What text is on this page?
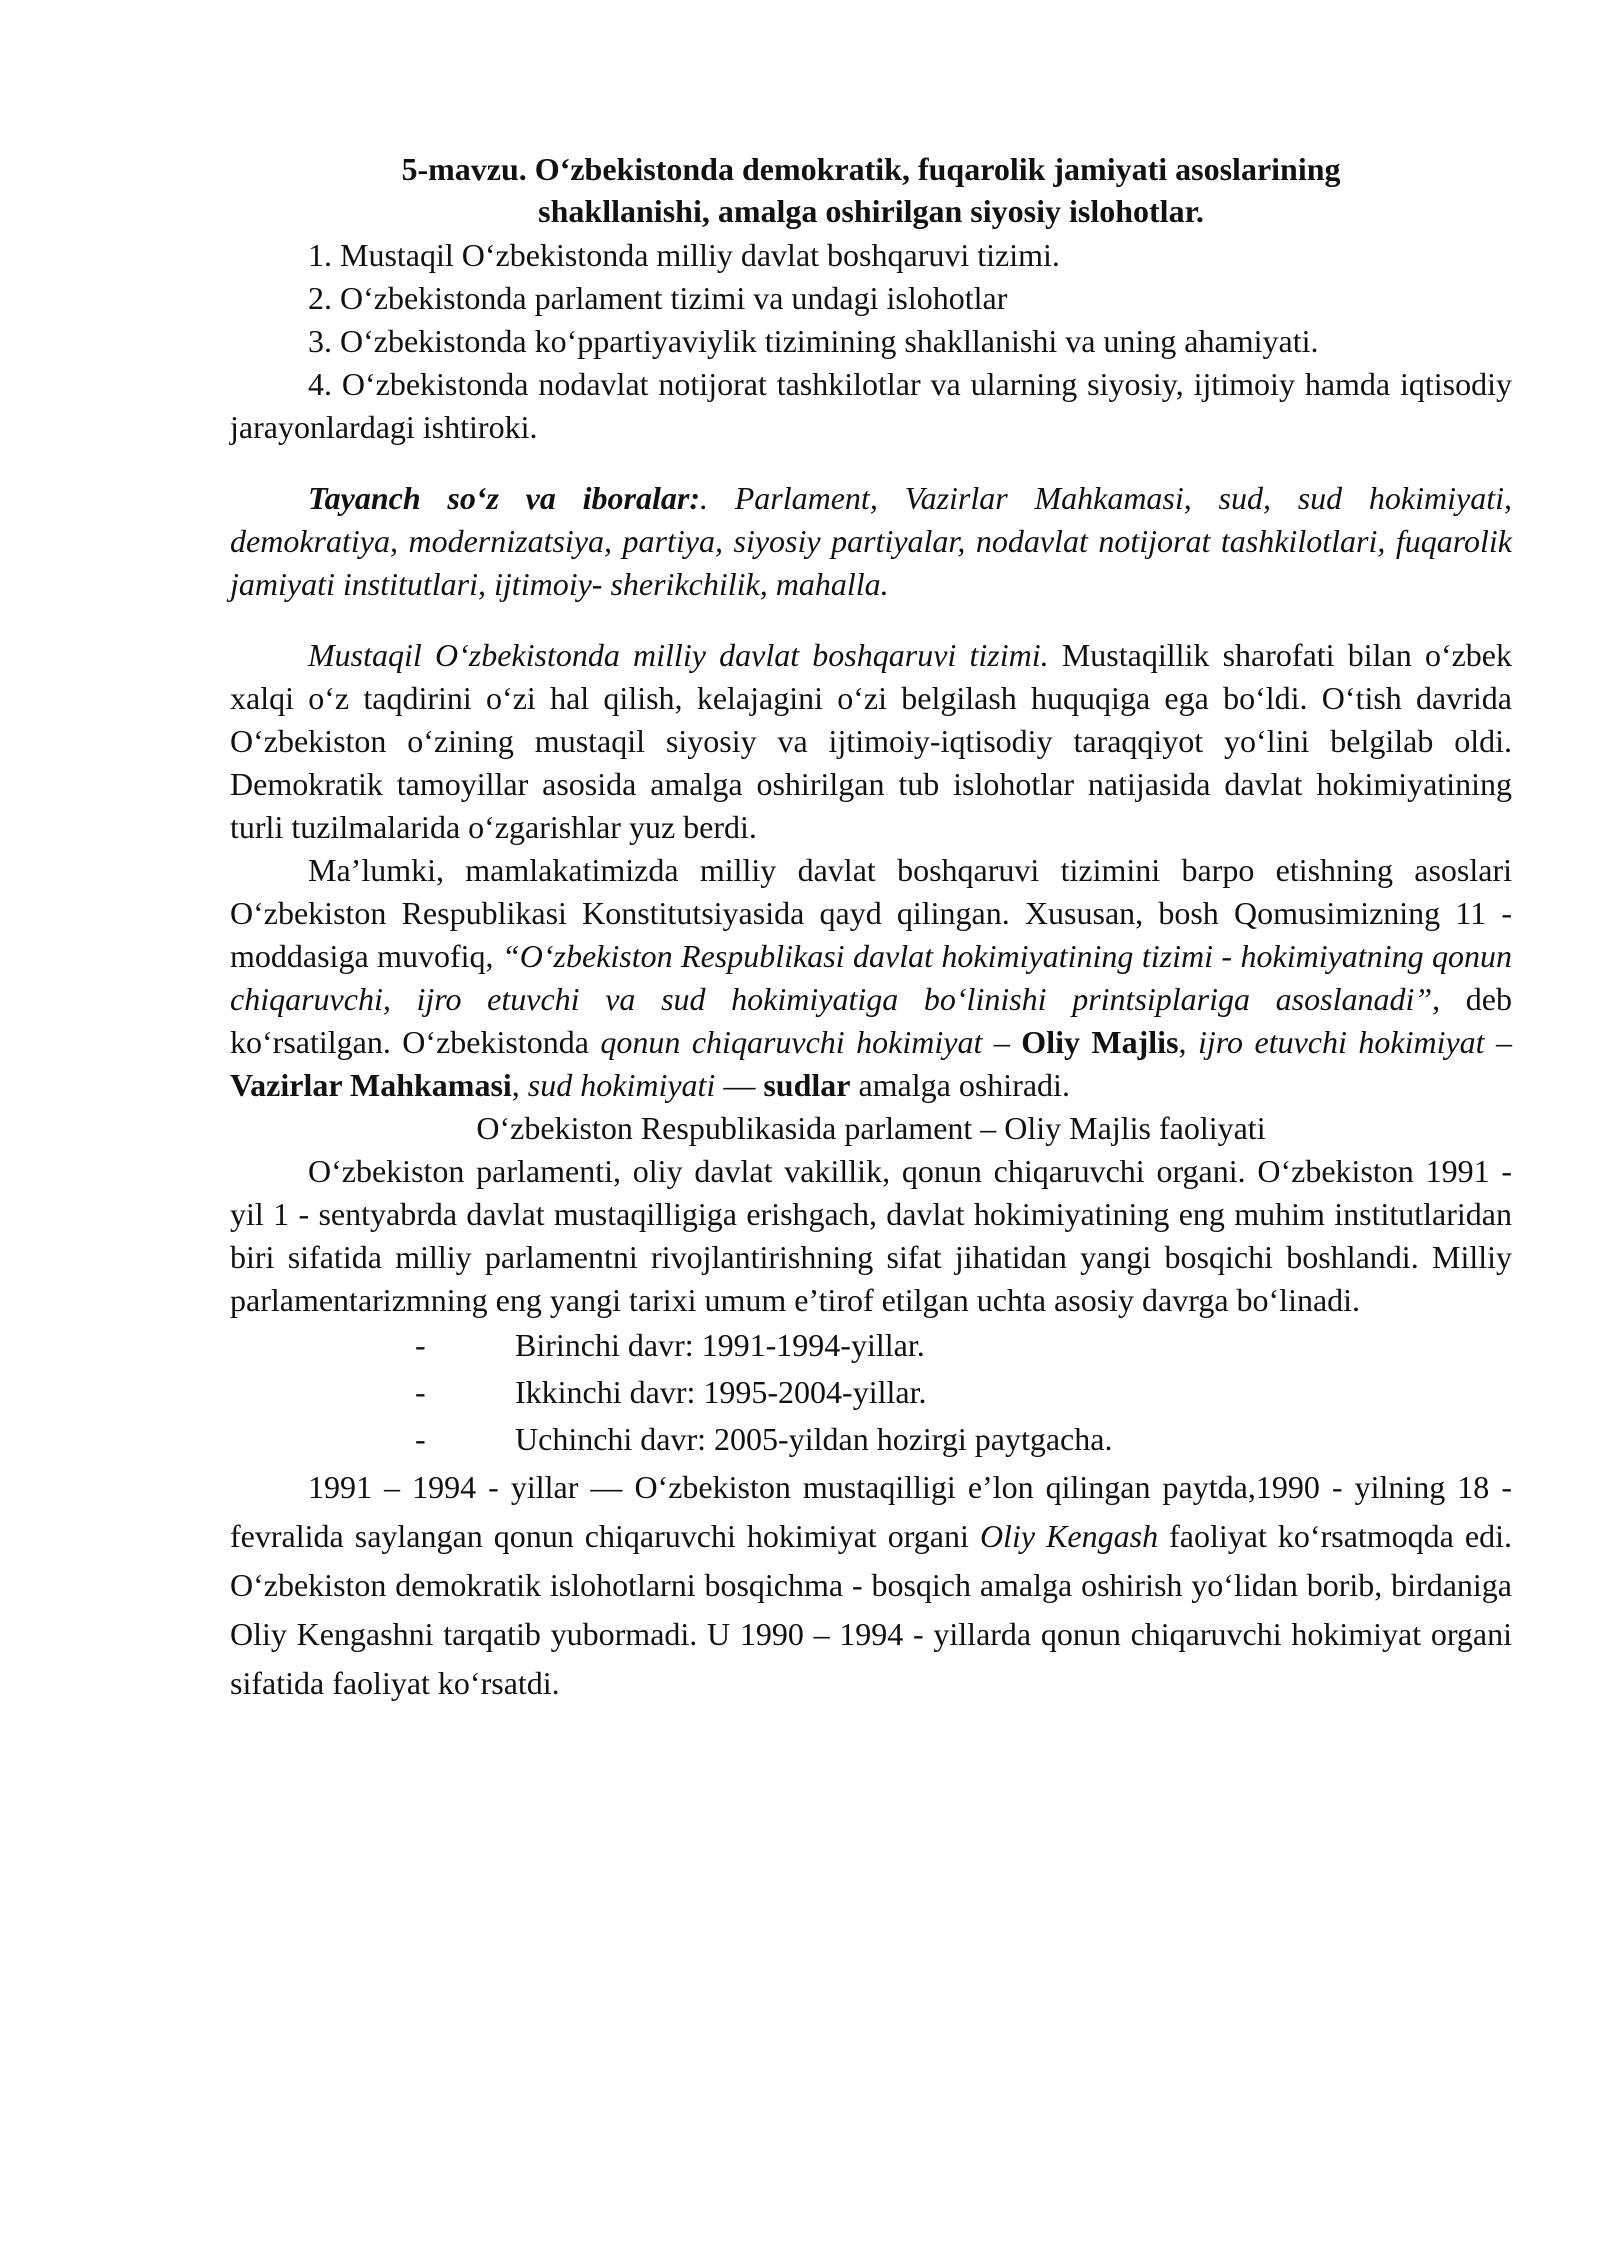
5-mavzu. O‘zbekistonda demokratik, fuqarolik jamiyati asoslarining
shakllanishi, amalga oshirilgan siyosiy islohotlar.

1. Mustaqil O‘zbekistonda milliy davlat boshqaruvi tizimi.

2. O‘zbekistonda parlament tizimi va undagi islohotlar

3. O‘zbekistonda ko‘ppartiyaviylik tizimining shakllanishi va uning ahamiyati.

4. O‘zbekistonda nodavlat notijorat tashkilotlar va ularning siyosiy, ijtimoiy hamda iqtisodiy jarayonlardagi ishtiroki.

Tayanch so‘z va iboralar:. Parlament, Vazirlar Mahkamasi, sud, sud hokimiyati, demokratiya, modernizatsiya, partiya, siyosiy partiyalar, nodavlat notijorat tashkilotlari, fuqarolik jamiyati institutlari, ijtimoiy- sherikchilik, mahalla.

Mustaqil O‘zbekistonda milliy davlat boshqaruvi tizimi. Mustaqillik sharofati bilan o‘zbek xalqi o‘z taqdirini o‘zi hal qilish, kelajagini o‘zi belgilash huquqiga ega bo‘ldi. O‘tish davrida O‘zbekiston o‘zining mustaqil siyosiy va ijtimoiy-iqtisodiy taraqqiyot yo‘lini belgilab oldi. Demokratik tamoyillar asosida amalga oshirilgan tub islohotlar natijasida davlat hokimiyatining turli tuzilmalarida o‘zgarishlar yuz berdi.

Ma’lumki, mamlakatimizda milliy davlat boshqaruvi tizimini barpo etishning asoslari O‘zbekiston Respublikasi Konstitutsiyasida qayd qilingan. Xususan, bosh Qomusimizning 11 - moddasiga muvofiq, “O‘zbekiston Respublikasi davlat hokimiyatining tizimi - hokimiyatning qonun chiqaruvchi, ijro etuvchi va sud hokimiyatiga bo‘linishi printsiplariga asoslanadi”, deb ko‘rsatilgan. O‘zbekistonda qonun chiqaruvchi hokimiyat – Oliy Majlis, ijro etuvchi hokimiyat – Vazirlar Mahkamasi, sud hokimiyati — sudlar amalga oshiradi.

O‘zbekiston Respublikasida parlament – Oliy Majlis faoliyati

O‘zbekiston parlamenti, oliy davlat vakillik, qonun chiqaruvchi organi. O‘zbekiston 1991 - yil 1 - sentyabrda davlat mustaqilligiga erishgach, davlat hokimiyatining eng muhim institutlaridan biri sifatida milliy parlamentni rivojlantirishning sifat jihatidan yangi bosqichi boshlandi. Milliy parlamentarizmning eng yangi tarixi umum e’tirof etilgan uchta asosiy davrga bo‘linadi.

-	Birinchi davr: 1991-1994-yillar.
-	Ikkinchi davr: 1995-2004-yillar.
-	Uchinchi davr: 2005-yildan hozirgi paytgacha.

1991 – 1994 - yillar — O‘zbekiston mustaqilligi e’lon qilingan paytda,1990 - yilning 18 - fevralida saylangan qonun chiqaruvchi hokimiyat organi Oliy Kengash faoliyat ko‘rsatmoqda edi. O‘zbekiston demokratik islohotlarni bosqichma - bosqich amalga oshirish yo‘lidan borib, birdaniga Oliy Kengashni tarqatib yubormadi. U 1990 – 1994 - yillarda qonun chiqaruvchi hokimiyat organi sifatida faoliyat ko‘rsatdi.
